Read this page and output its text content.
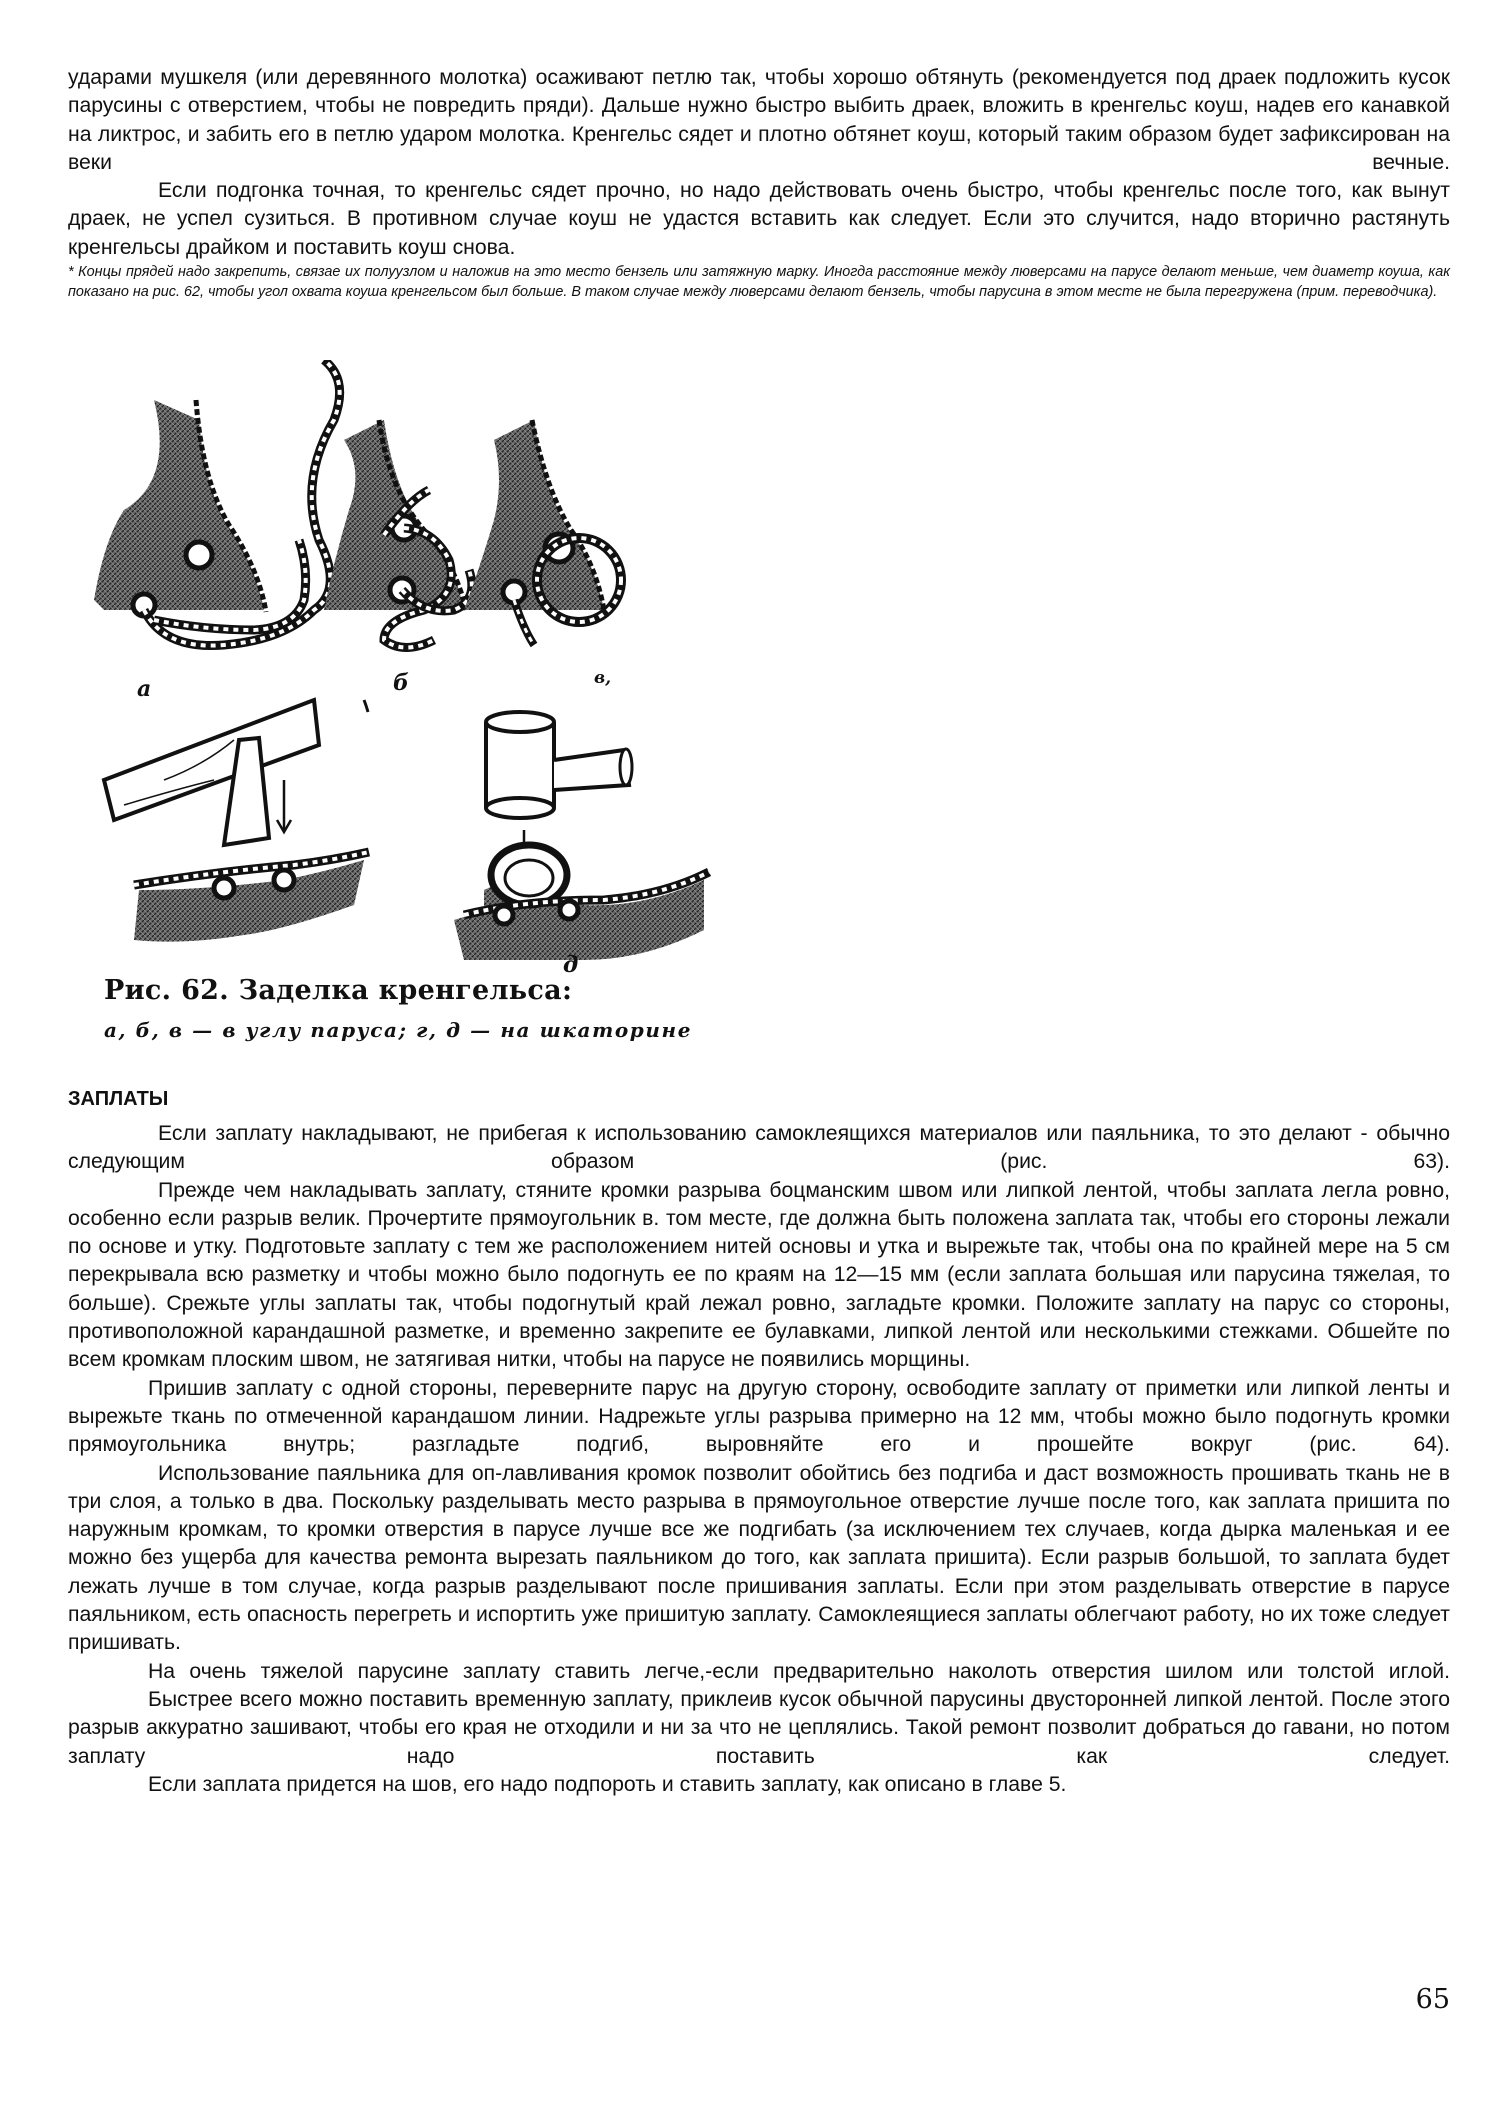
ударами мушкеля (или деревянного молотка) осаживают петлю так, чтобы хорошо обтянуть (рекомендуется под драек подложить кусок парусины с отверстием, чтобы не повредить пряди). Дальше нужно быстро выбить драек, вложить в кренгельс коуш, надев его канавкой на ликтрос, и забить его в петлю ударом молотка. Кренгельс сядет и плотно обтянет коуш, который таким образом будет зафиксирован на веки вечные.

Если подгонка точная, то кренгельс сядет прочно, но надо действовать очень быстро, чтобы кренгельс после того, как вынут драек, не успел сузиться. В противном случае коуш не удастся вставить как следует. Если это случится, надо вторично растянуть кренгельсы драйком и поставить коуш снова.

* Концы прядей надо закрепить, связае их полуузлом и наложив на это место бензель или затяжную марку. Иногда расстояние между люверсами на парусе делают меньше, чем диаметр коуша, как показано на рис. 62, чтобы угол охвата коуша кренгельсом был больше. В таком случае между люверсами делают бензель, чтобы парусина в этом месте не была перегружена (прим. переводчика).

а	б	в,
д
Рис. 62. Заделка кренгельса:
а, б, в — в углу паруса; г, д — на шкаторине
ЗАПЛАТЫ

Если заплату накладывают, не прибегая к использованию самоклеящихся материалов или паяльника, то это делают - обычно следующим образом (рис. 63).

Прежде чем накладывать заплату, стяните кромки разрыва боцманским швом или липкой лентой, чтобы заплата легла ровно, особенно если разрыв велик. Прочертите прямоугольник в. том месте, где должна быть положена заплата так, чтобы его стороны лежали по основе и утку. Подготовьте заплату с тем же расположением нитей основы и утка и вырежьте так, чтобы она по крайней мере на 5 см перекрывала всю разметку и чтобы можно было подогнуть ее по краям на 12—15 мм (если заплата большая или парусина тяжелая, то больше). Срежьте углы заплаты так, чтобы подогнутый край лежал ровно, загладьте кромки. Положите заплату на парус со стороны, противоположной карандашной разметке, и временно закрепите ее булавками, липкой лентой или несколькими стежками. Обшейте по всем кромкам плоским швом, не затягивая нитки, чтобы на парусе не появились морщины.

Пришив заплату с одной стороны, переверните парус на другую сторону, освободите заплату от приметки или липкой ленты и вырежьте ткань по отмеченной карандашом линии. Надрежьте углы разрыва примерно на 12 мм, чтобы можно было подогнуть кромки прямоугольника внутрь; разгладьте подгиб, выровняйте его и прошейте вокруг (рис. 64).

Использование паяльника для оп-лавливания кромок позволит обойтись без подгиба и даст возможность прошивать ткань не в три слоя, а только в два. Поскольку разделывать место разрыва в прямоугольное отверстие лучше после того, как заплата пришита по наружным кромкам, то кромки отверстия в парусе лучше все же подгибать (за исключением тех случаев, когда дырка маленькая и ее можно без ущерба для качества ремонта вырезать паяльником до того, как заплата пришита). Если разрыв большой, то заплата будет лежать лучше в том случае, когда разрыв разделывают после пришивания заплаты. Если при этом разделывать отверстие в парусе паяльником, есть опасность перегреть и испортить уже пришитую заплату. Самоклеящиеся заплаты облегчают работу, но их тоже следует пришивать.

На очень тяжелой парусине заплату ставить легче,-если предварительно наколоть отверстия шилом или толстой иглой.

Быстрее всего можно поставить временную заплату, приклеив кусок обычной парусины двусторонней липкой лентой. После этого разрыв аккуратно зашивают, чтобы его края не отходили и ни за что не цеплялись. Такой ремонт позволит добраться до гавани, но потом заплату надо поставить как следует.

Если заплата придется на шов, его надо подпороть и ставить заплату, как описано в главе 5.

65
